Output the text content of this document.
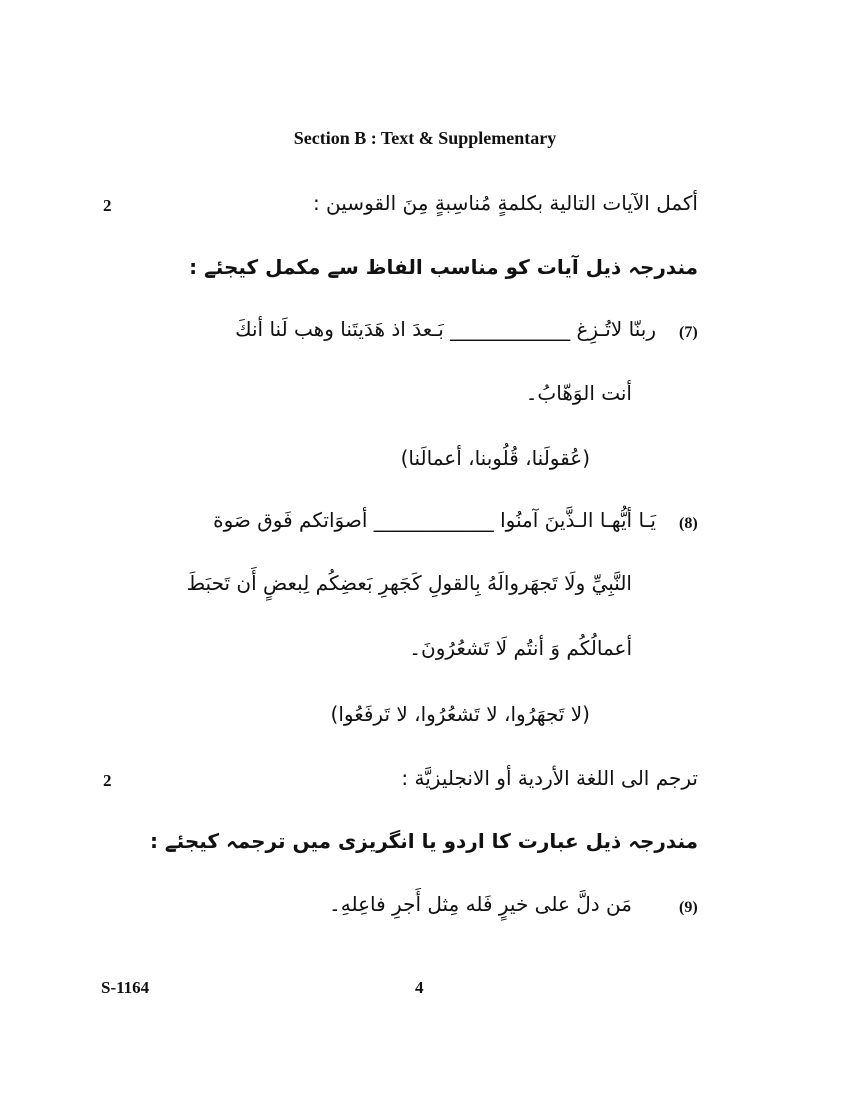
Section B : Text & Supplementary
2	أكمل الآيات التالية بكلمةٍ مُناسِبةٍ مِنَ القوسين :
مندرجہ ذیل آیات کو مناسب الفاظ سے مکمل کیجئے :
(7)
ربنّا لاتُـزِغ ____________ بَـعدَ اذ هَدَيتَنا وهب لَنا أنكَ
أنت الوَهّابُ۔
(عُقولَنا، قُلُوبنا، أعمالَنا)
(8)
يَـا أيُّهـا الـذَّينَ آمنُوا ____________ أصوَاتكم فَوق صَوة
النَّبِيِّ ولَا تَجهَروالَهُ بِالقولِ كَجَهرِ بَعضِكُم لِبعضٍ أَن تَحبَطَ
أعمالُكُم وَ أنتُم لَا تَشعُرُونَ۔
(لا تَجهَرُوا، لا تَشعُرُوا، لا تَرفَعُوا)
2	ترجم الى اللغة الأردية أو الانجليزيَّة :
مندرجہ ذیل عبارت کا اردو یا انگریزی میں ترجمہ کیجئے :
(9)
مَن دلَّ على خيرٍ فَله مِثل أَجرِ فاعِلهِ۔
S-1164	4
